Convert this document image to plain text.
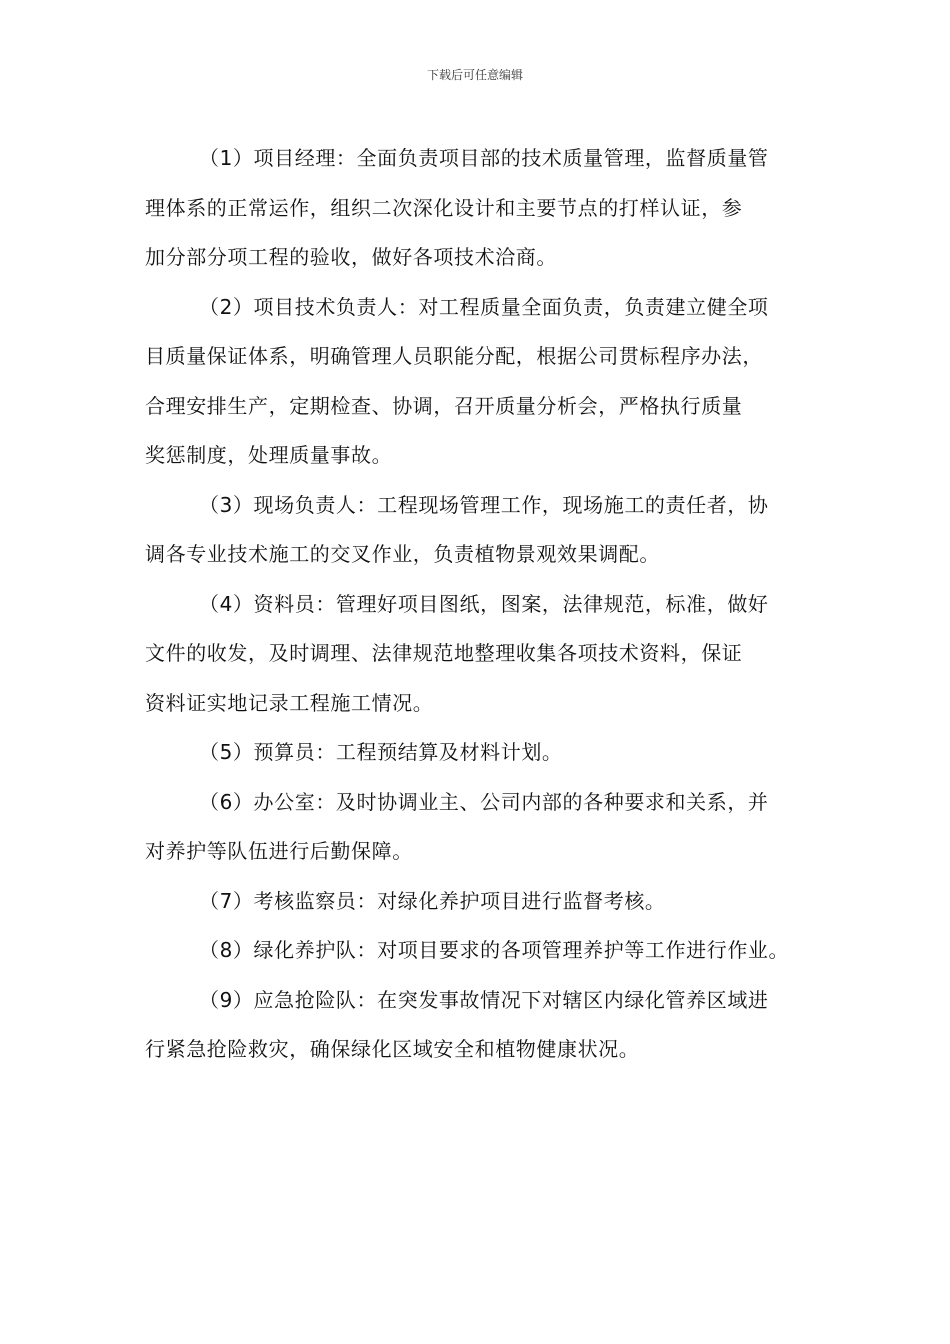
下载后可任意编辑

（1）项目经理：全面负责项目部的技术质量管理，监督质量管
理体系的正常运作，组织二次深化设计和主要节点的打样认证，参
加分部分项工程的验收，做好各项技术洽商。

（2）项目技术负责人：对工程质量全面负责，负责建立健全项
目质量保证体系，明确管理人员职能分配，根据公司贯标程序办法，
合理安排生产，定期检查、协调，召开质量分析会，严格执行质量
奖惩制度，处理质量事故。

（3）现场负责人：工程现场管理工作，现场施工的责任者，协
调各专业技术施工的交叉作业，负责植物景观效果调配。

（4）资料员：管理好项目图纸，图案，法律规范，标准，做好
文件的收发，及时调理、法律规范地整理收集各项技术资料，保证
资料证实地记录工程施工情况。

（5）预算员：工程预结算及材料计划。

（6）办公室：及时协调业主、公司内部的各种要求和关系，并
对养护等队伍进行后勤保障。

（7）考核监察员：对绿化养护项目进行监督考核。

（8）绿化养护队：对项目要求的各项管理养护等工作进行作业。

（9）应急抢险队：在突发事故情况下对辖区内绿化管养区域进
行紧急抢险救灾，确保绿化区域安全和植物健康状况。
